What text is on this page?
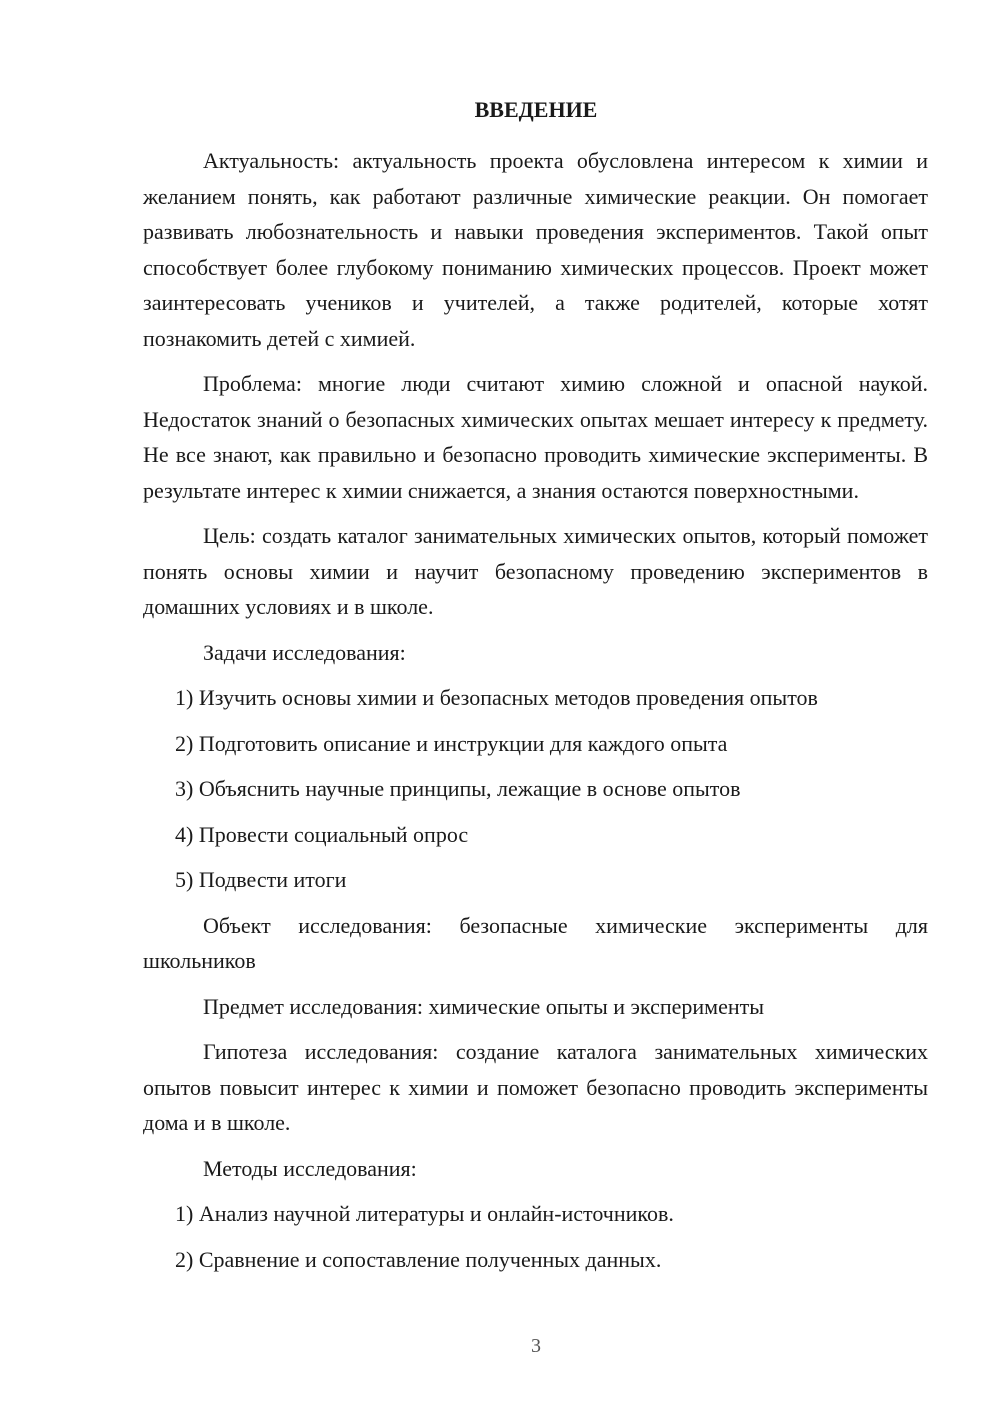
ВВЕДЕНИЕ

Актуальность: актуальность проекта обусловлена интересом к химии и желанием понять, как работают различные химические реакции. Он помогает развивать любознательность и навыки проведения экспериментов. Такой опыт способствует более глубокому пониманию химических процессов. Проект может заинтересовать учеников и учителей, а также родителей, которые хотят познакомить детей с химией.

Проблема: многие люди считают химию сложной и опасной наукой. Недостаток знаний о безопасных химических опытах мешает интересу к предмету. Не все знают, как правильно и безопасно проводить химические эксперименты. В результате интерес к химии снижается, а знания остаются поверхностными.

Цель: создать каталог занимательных химических опытов, который поможет понять основы химии и научит безопасному проведению экспериментов в домашних условиях и в школе.

Задачи исследования:

1) Изучить основы химии и безопасных методов проведения опытов

2) Подготовить описание и инструкции для каждого опыта

3) Объяснить научные принципы, лежащие в основе опытов

4) Провести социальный опрос

5) Подвести итоги

Объект исследования: безопасные химические эксперименты для школьников

Предмет исследования: химические опыты и эксперименты

Гипотеза исследования: создание каталога занимательных химических опытов повысит интерес к химии и поможет безопасно проводить эксперименты дома и в школе.

Методы исследования:

1) Анализ научной литературы и онлайн-источников.

2) Сравнение и сопоставление полученных данных.

3
